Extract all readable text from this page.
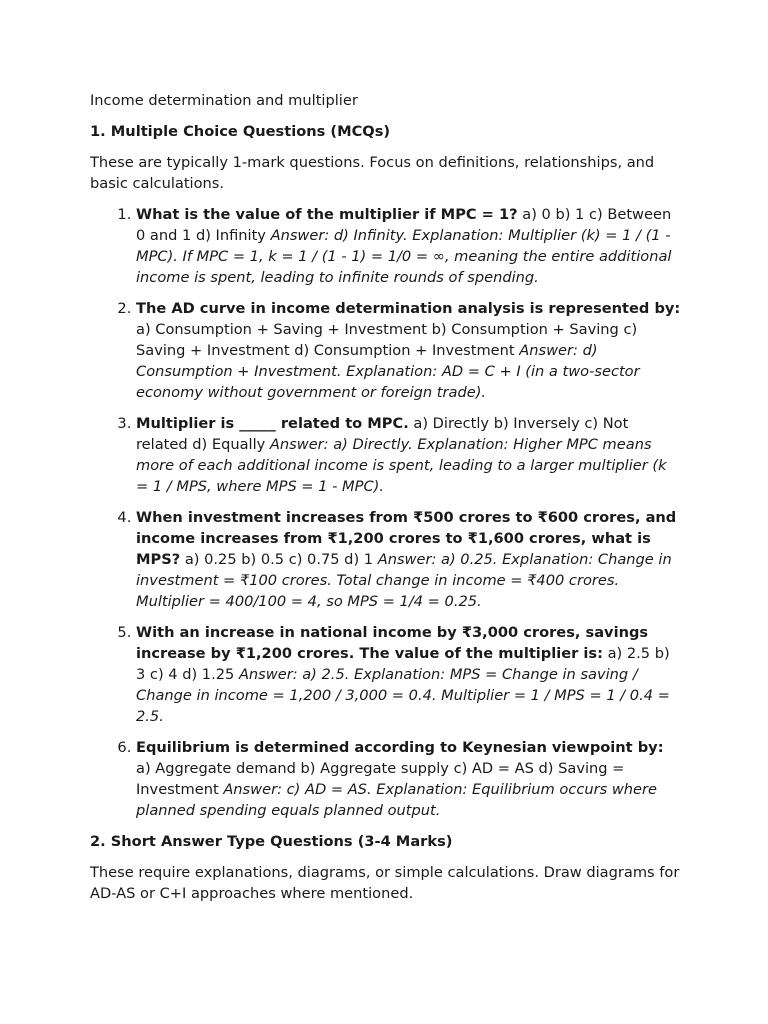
Income determination and multiplier

1. Multiple Choice Questions (MCQs)

These are typically 1-mark questions. Focus on definitions, relationships, and basic calculations.

1. What is the value of the multiplier if MPC = 1? a) 0 b) 1 c) Between 0 and 1 d) Infinity Answer: d) Infinity. Explanation: Multiplier (k) = 1 / (1 - MPC). If MPC = 1, k = 1 / (1 - 1) = 1/0 = ∞, meaning the entire additional income is spent, leading to infinite rounds of spending.
2. The AD curve in income determination analysis is represented by: a) Consumption + Saving + Investment b) Consumption + Saving c) Saving + Investment d) Consumption + Investment Answer: d) Consumption + Investment. Explanation: AD = C + I (in a two-sector economy without government or foreign trade).
3. Multiplier is _____ related to MPC. a) Directly b) Inversely c) Not related d) Equally Answer: a) Directly. Explanation: Higher MPC means more of each additional income is spent, leading to a larger multiplier (k = 1 / MPS, where MPS = 1 - MPC).
4. When investment increases from ₹500 crores to ₹600 crores, and income increases from ₹1,200 crores to ₹1,600 crores, what is MPS? a) 0.25 b) 0.5 c) 0.75 d) 1 Answer: a) 0.25. Explanation: Change in investment = ₹100 crores. Total change in income = ₹400 crores. Multiplier = 400/100 = 4, so MPS = 1/4 = 0.25.
5. With an increase in national income by ₹3,000 crores, savings increase by ₹1,200 crores. The value of the multiplier is: a) 2.5 b) 3 c) 4 d) 1.25 Answer: a) 2.5. Explanation: MPS = Change in saving / Change in income = 1,200 / 3,000 = 0.4. Multiplier = 1 / MPS = 1 / 0.4 = 2.5.
6. Equilibrium is determined according to Keynesian viewpoint by: a) Aggregate demand b) Aggregate supply c) AD = AS d) Saving = Investment Answer: c) AD = AS. Explanation: Equilibrium occurs where planned spending equals planned output.

2. Short Answer Type Questions (3-4 Marks)

These require explanations, diagrams, or simple calculations. Draw diagrams for AD-AS or C+I approaches where mentioned.
